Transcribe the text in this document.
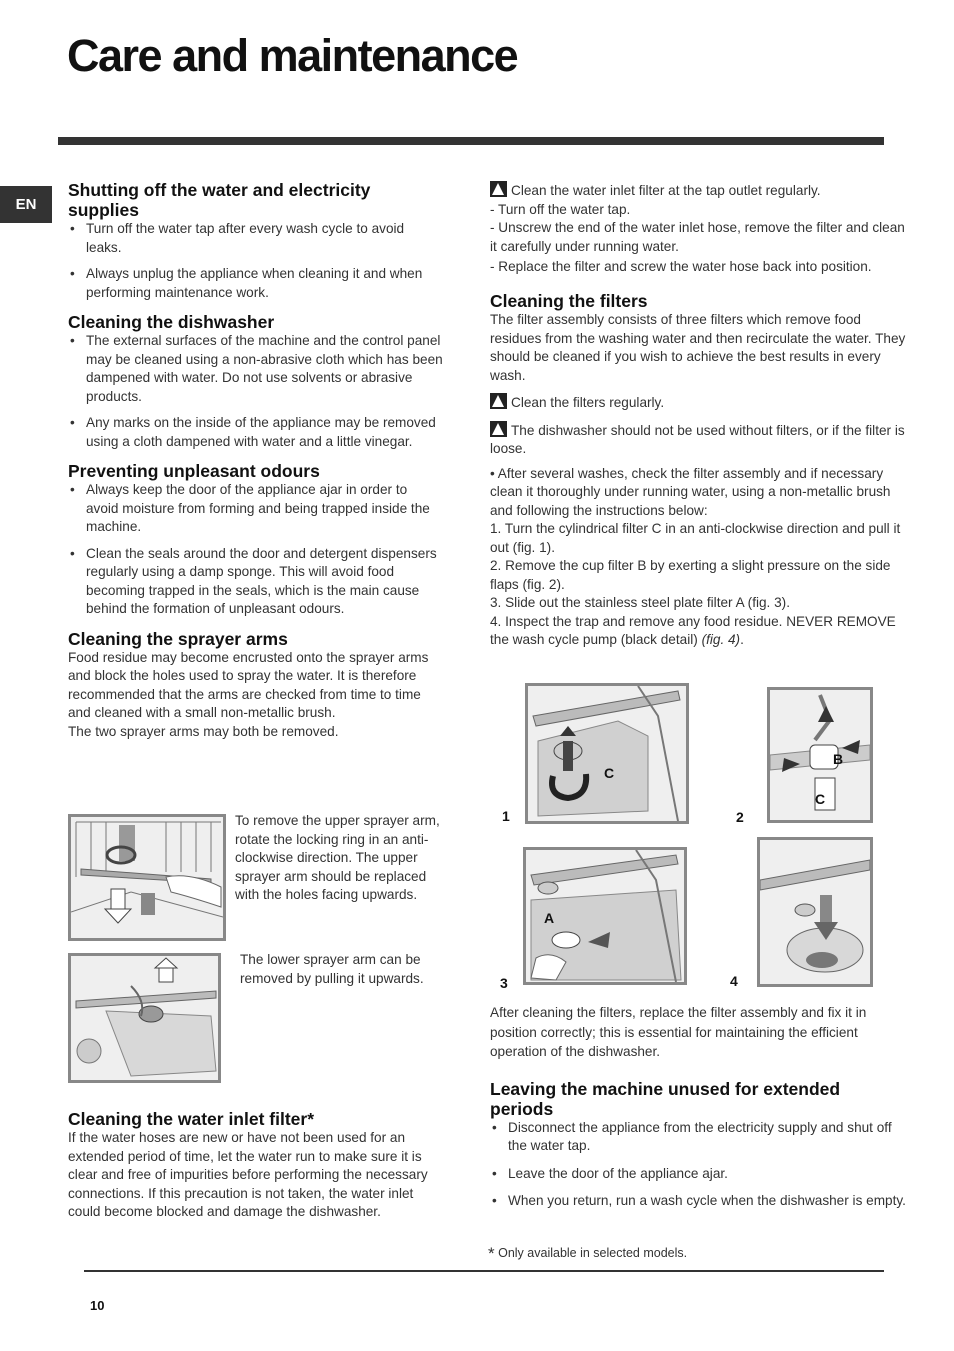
Care and maintenance
EN
Shutting off the water and electricity supplies
• Turn off the water tap after every wash cycle to avoid leaks.
• Always unplug the appliance when cleaning it and when performing maintenance work.
Cleaning the dishwasher
• The external surfaces of the machine and the control panel may be cleaned using a non-abrasive cloth which has been dampened with water. Do not use solvents or abrasive products.
• Any marks on the inside of the appliance may be removed using a cloth dampened with water and a little vinegar.
Preventing unpleasant odours
• Always keep the door of the appliance ajar in order to avoid moisture from forming and being trapped inside the machine.
• Clean the seals around the door and detergent dispensers regularly using a damp sponge. This will avoid food becoming trapped in the seals, which is the main cause behind the formation of unpleasant odours.
Cleaning the sprayer arms

Food residue may become encrusted onto the sprayer arms and block the holes used to spray the water. It is therefore recommended that the arms are checked from time to time and cleaned with a small non-metallic brush.

The two sprayer arms may both be removed.

To remove the upper sprayer arm, rotate the locking ring in an anti-clockwise direction. The upper sprayer arm should be replaced with the holes facing upwards.
The lower sprayer arm can be removed by pulling it upwards.
Cleaning the water inlet filter*

If the water hoses are new or have not been used for an extended period of time, let the water run to make sure it is clear and free of impurities before performing the necessary connections. If this precaution is not taken, the water inlet could become blocked and damage the dishwasher.

Clean the water inlet filter at the tap outlet regularly.

- Turn off the water tap.

- Unscrew the end of the water inlet hose, remove the filter and clean it carefully under running water.

- Replace the filter and screw the water hose back into position.

Cleaning the filters

The filter assembly consists of three filters which remove food residues from the washing water and then recirculate the water. They should be cleaned if you wish to achieve the best results in every wash.

Clean the filters regularly.

The dishwasher should not be used without filters, or if the filter is loose.

• After several washes, check the filter assembly and if necessary clean it thoroughly under running water, using a non-metallic brush and following the instructions below:

1. Turn the cylindrical filter C in an anti-clockwise direction and pull it out (fig. 1).

2. Remove the cup filter B by exerting a slight pressure on the side flaps (fig. 2).

3. Slide out the stainless steel plate filter A (fig. 3).

4. Inspect the trap and remove any food residue. NEVER REMOVE the wash cycle pump (black detail) (fig. 4).

C
1
B
C
2
A
3	4

After cleaning the filters, replace the filter assembly and fix it in position correctly; this is essential for maintaining the efficient operation of the dishwasher.

Leaving the machine unused for extended periods
• Disconnect the appliance from the electricity supply and shut off the water tap.
• Leave the door of the appliance ajar.
• When you return, run a wash cycle when the dishwasher is empty.
* Only available in selected models.
10
